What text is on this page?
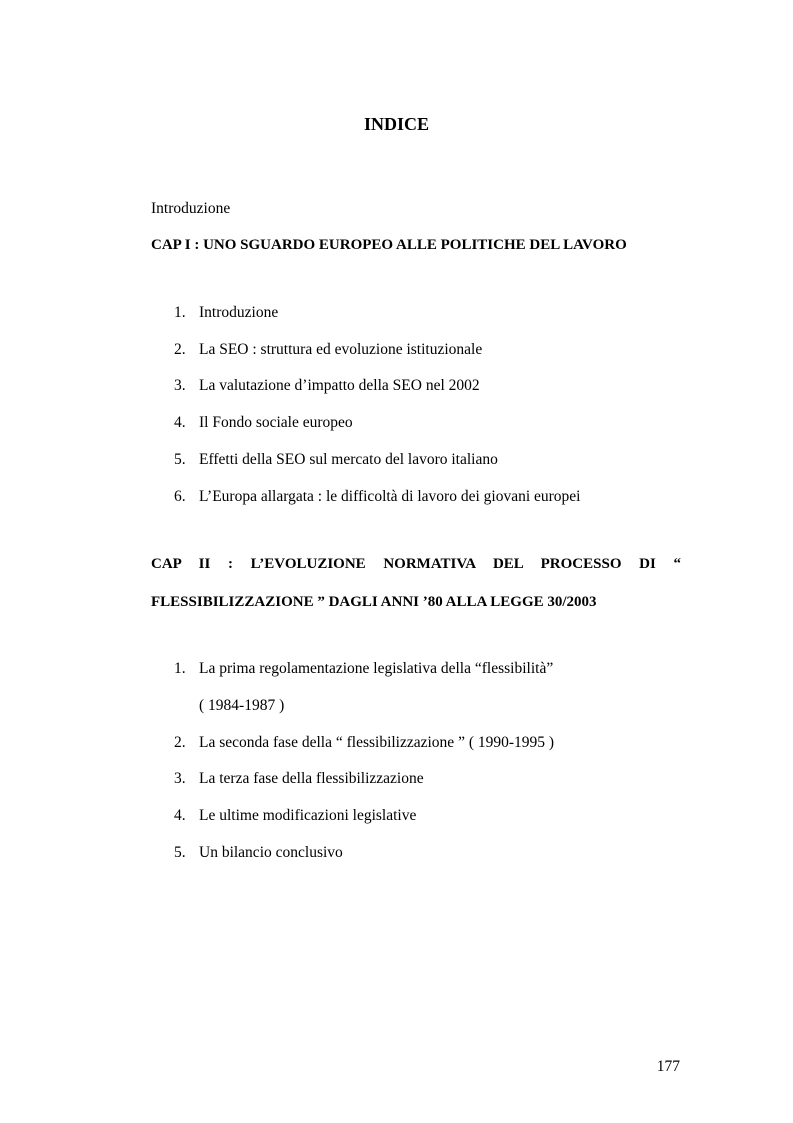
INDICE
Introduzione
CAP I : UNO SGUARDO EUROPEO ALLE POLITICHE DEL LAVORO
1. Introduzione
2. La SEO : struttura ed evoluzione istituzionale
3. La valutazione d’impatto della SEO nel 2002
4. Il Fondo sociale europeo
5. Effetti della SEO sul mercato del lavoro italiano
6. L’Europa allargata : le difficoltà di lavoro dei giovani europei
CAP II : L’EVOLUZIONE NORMATIVA DEL PROCESSO DI “
FLESSIBILIZZAZIONE ” DAGLI ANNI ’80 ALLA LEGGE 30/2003
1. La prima regolamentazione legislativa della “flessibilità”
( 1984-1987 )
2. La seconda fase della “ flessibilizzazione ” ( 1990-1995 )
3. La terza fase della flessibilizzazione
4. Le ultime modificazioni legislative
5. Un bilancio conclusivo
177
